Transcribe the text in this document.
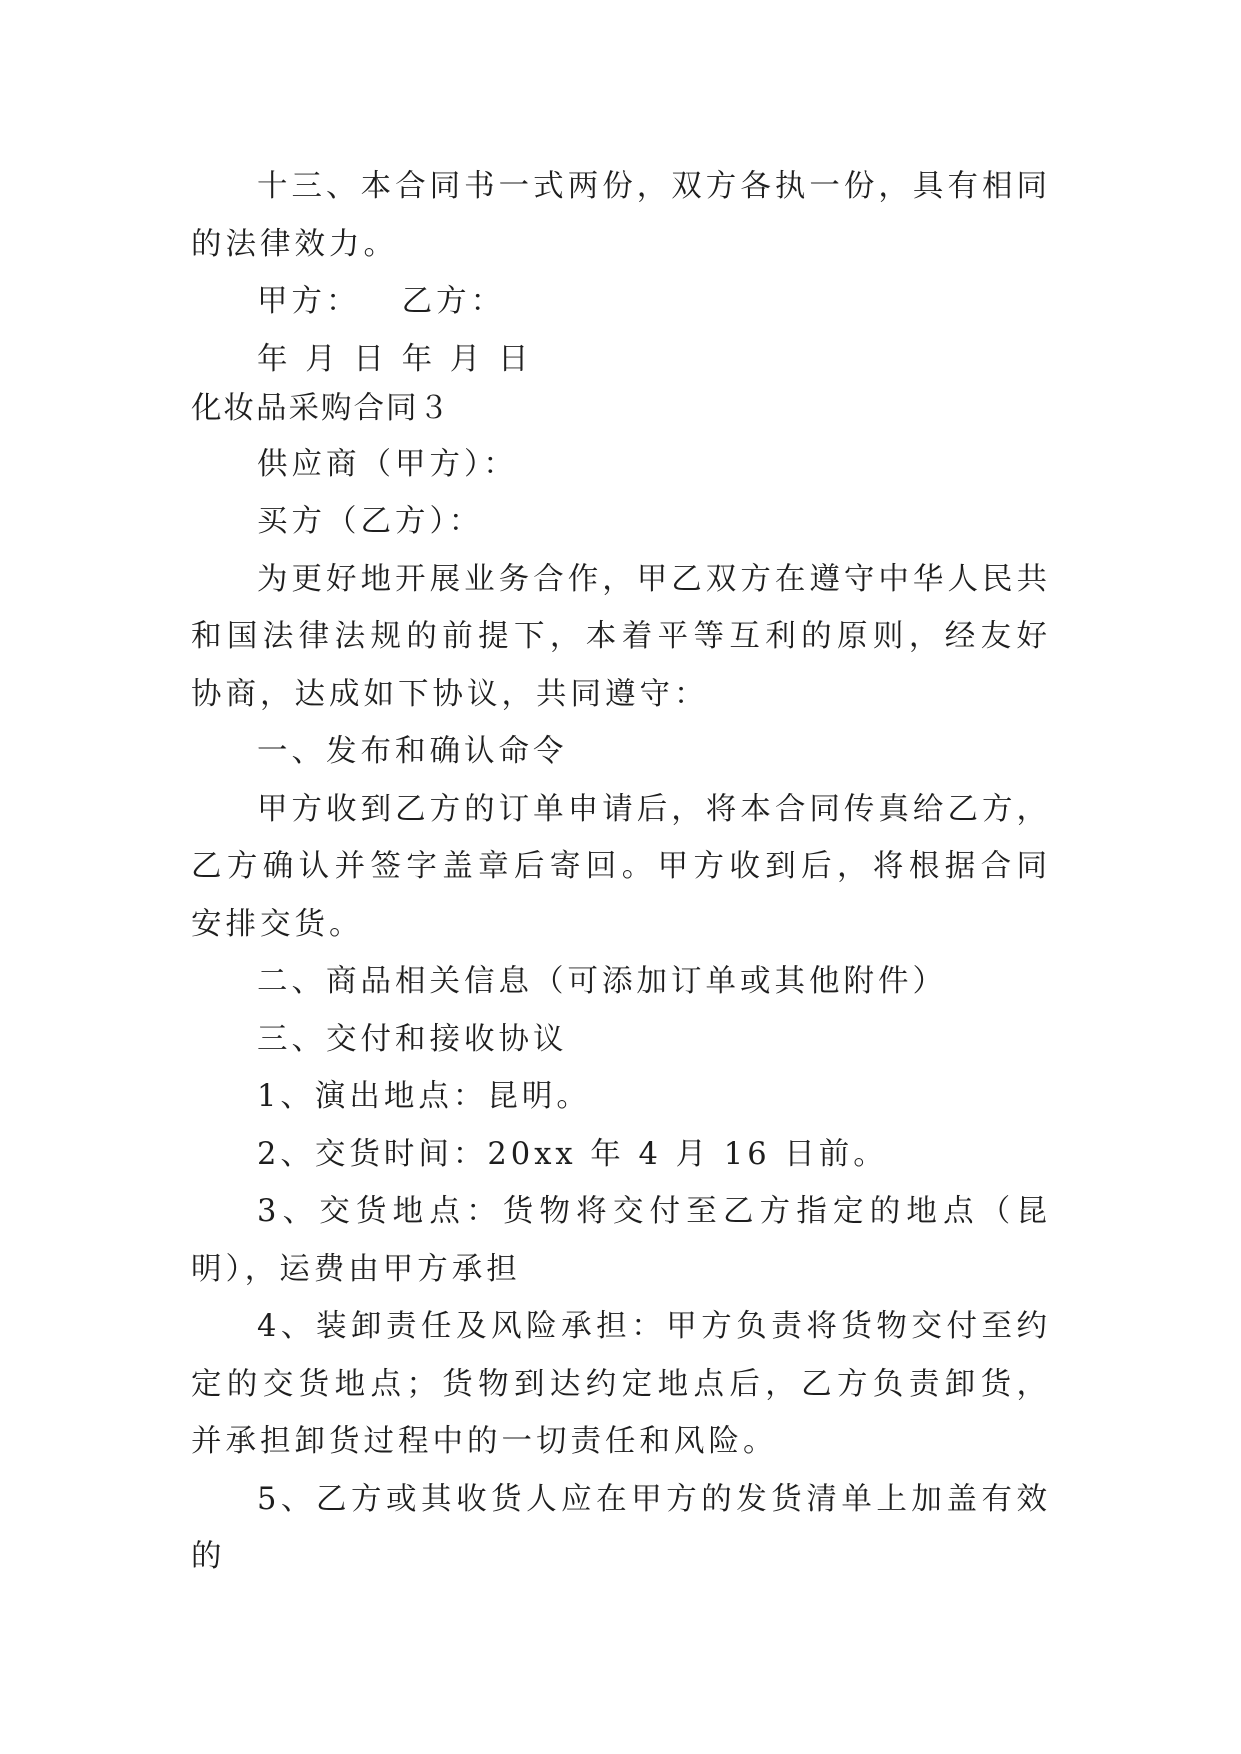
十三、本合同书一式两份，双方各执一份，具有相同的法律效力。

甲方：   乙方：

年 月 日 年 月 日

化妆品采购合同３

供应商（甲方）：

买方（乙方）：

为更好地开展业务合作，甲乙双方在遵守中华人民共和国法律法规的前提下，本着平等互利的原则，经友好协商，达成如下协议，共同遵守：

一、发布和确认命令

甲方收到乙方的订单申请后，将本合同传真给乙方，乙方确认并签字盖章后寄回。甲方收到后，将根据合同安排交货。

二、商品相关信息（可添加订单或其他附件）

三、交付和接收协议

1、演出地点：昆明。

2、交货时间：20xx 年 4 月 16 日前。

3、交货地点：货物将交付至乙方指定的地点（昆明），运费由甲方承担

4、装卸责任及风险承担：甲方负责将货物交付至约定的交货地点；货物到达约定地点后，乙方负责卸货，并承担卸货过程中的一切责任和风险。

5、乙方或其收货人应在甲方的发货清单上加盖有效的
